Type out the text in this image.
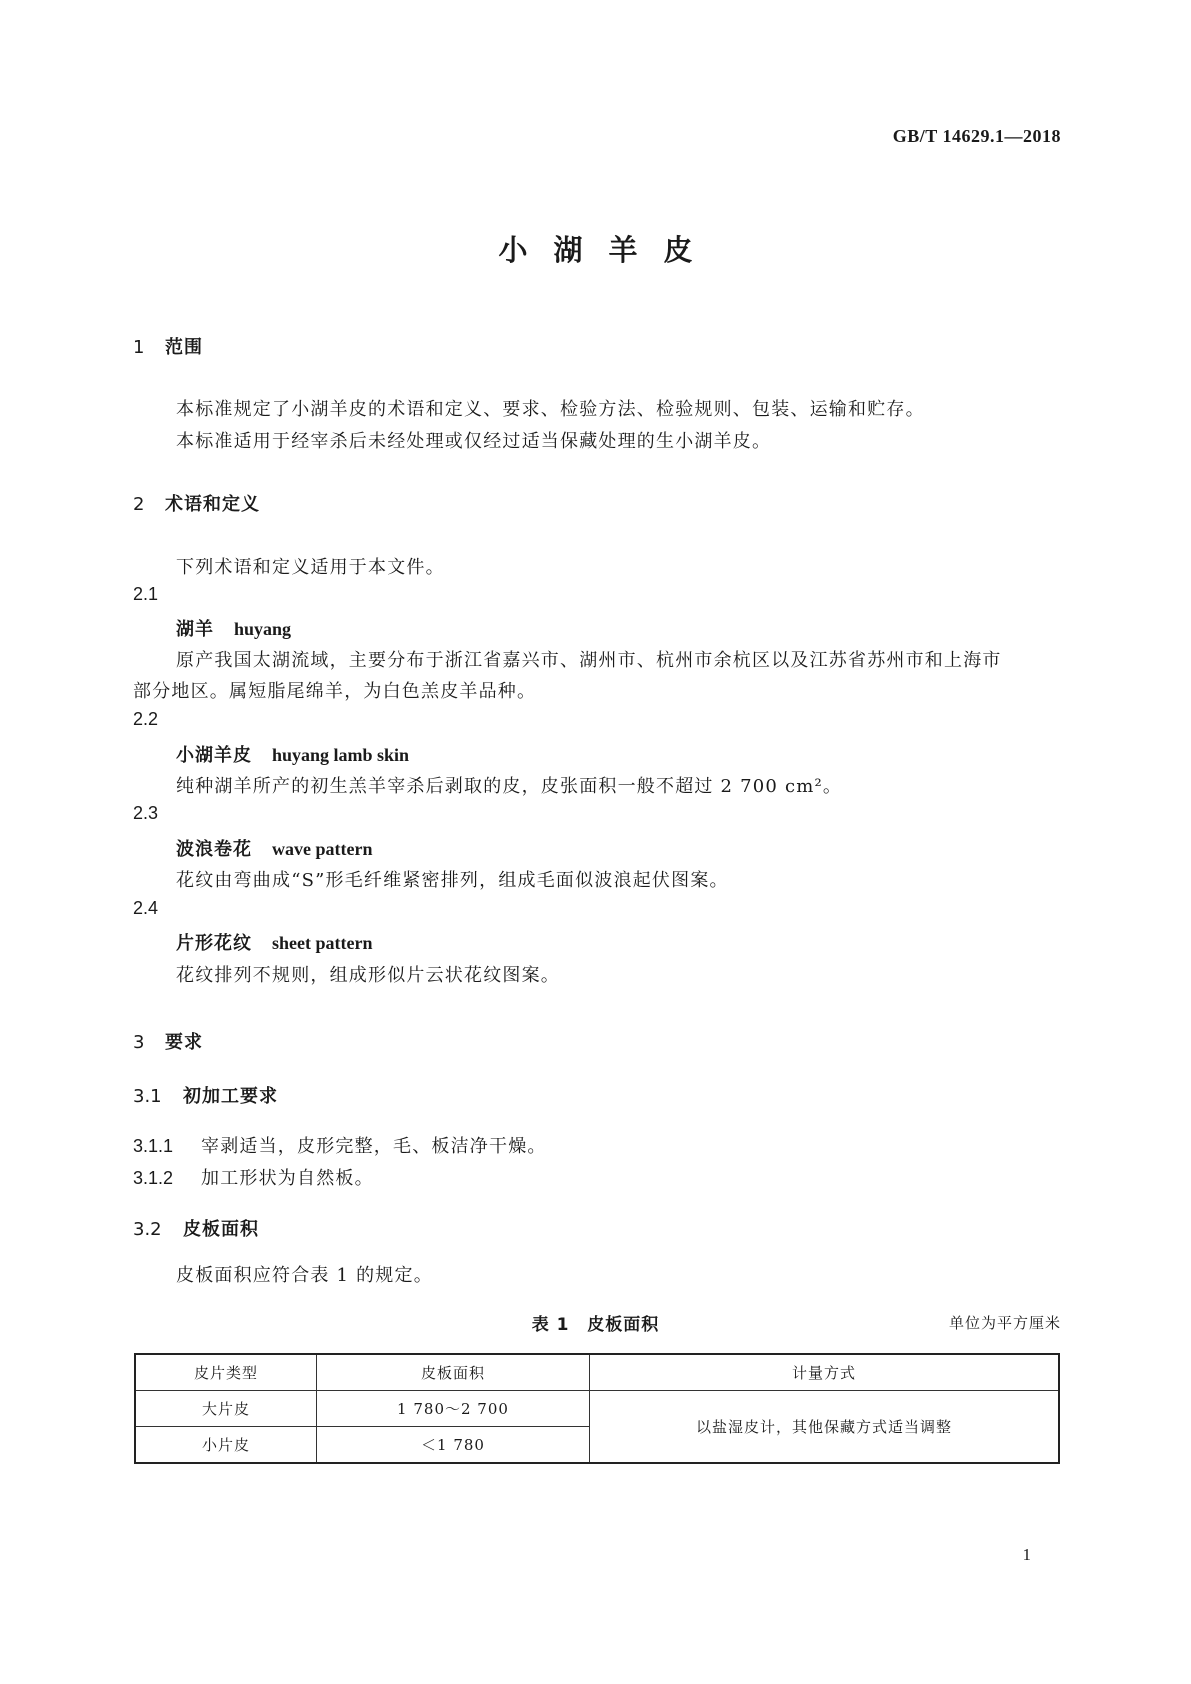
GB/T 14629.1—2018
小湖羊皮
1 范围
本标准规定了小湖羊皮的术语和定义、要求、检验方法、检验规则、包装、运输和贮存。
本标准适用于经宰杀后未经处理或仅经过适当保藏处理的生小湖羊皮。
2 术语和定义
下列术语和定义适用于本文件。
2.1
湖羊 huyang
原产我国太湖流域，主要分布于浙江省嘉兴市、湖州市、杭州市余杭区以及江苏省苏州市和上海市
部分地区。属短脂尾绵羊，为白色羔皮羊品种。
2.2
小湖羊皮 huyang lamb skin
纯种湖羊所产的初生羔羊宰杀后剥取的皮，皮张面积一般不超过 2 700 cm²。
2.3
波浪卷花 wave pattern
花纹由弯曲成“S”形毛纤维紧密排列，组成毛面似波浪起伏图案。
2.4
片形花纹 sheet pattern
花纹排列不规则，组成形似片云状花纹图案。
3 要求
3.1 初加工要求
3.1.1 宰剥适当，皮形完整，毛、板洁净干燥。
3.1.2 加工形状为自然板。
3.2 皮板面积
皮板面积应符合表 1 的规定。
表 1 皮板面积	单位为平方厘米
皮片类型	皮板面积	计量方式
大片皮	1 780～2 700	以盐湿皮计，其他保藏方式适当调整
小片皮	＜1 780	
1
